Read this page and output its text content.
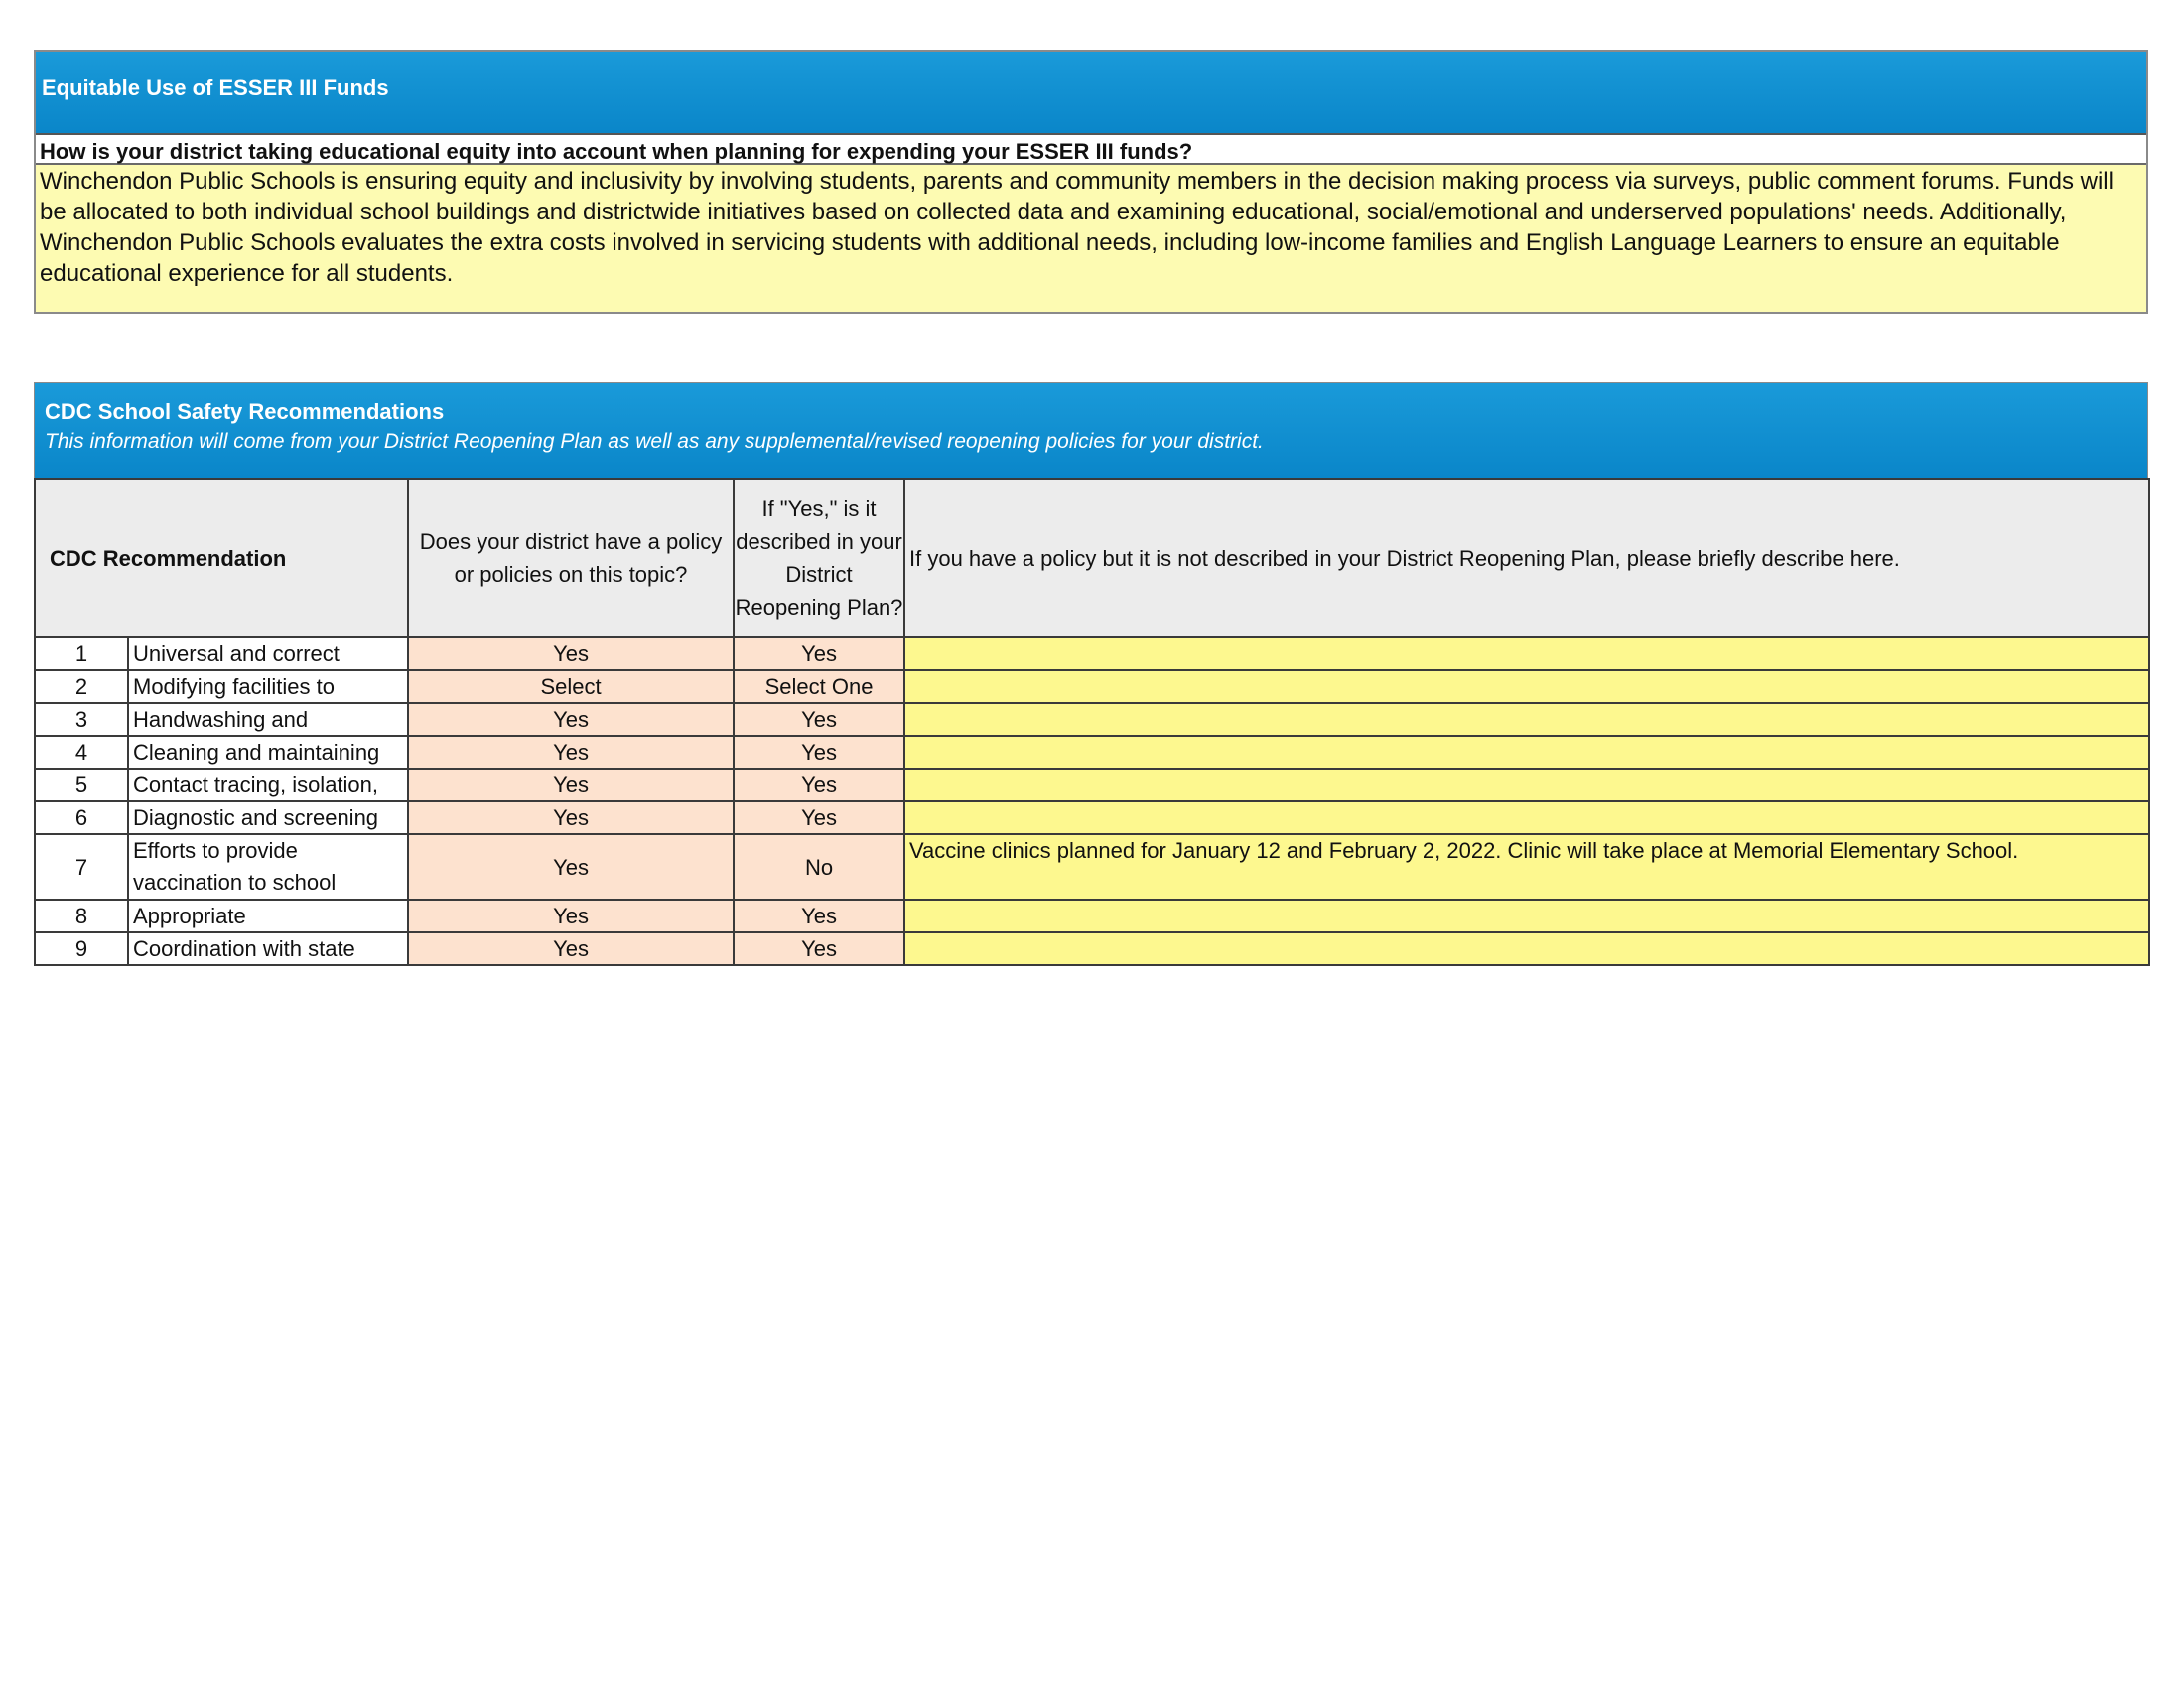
Equitable Use of ESSER III Funds
How is your district taking educational equity into account when planning for expending your ESSER III funds?
Winchendon Public Schools is ensuring equity and inclusivity by involving students, parents and community members in the decision making process via surveys, public comment forums. Funds will be allocated to both individual school buildings and districtwide initiatives based on collected data and examining educational, social/emotional and underserved populations' needs. Additionally, Winchendon Public Schools evaluates the extra costs involved in servicing students with additional needs, including low-income families and English Language Learners to ensure an equitable educational experience for all students.
CDC School Safety Recommendations
This information will come from your District Reopening Plan as well as any supplemental/revised reopening policies for your district.
CDC Recommendation		Does your district have a policy or policies on this topic?	If "Yes," is it described in your District Reopening Plan?	If you have a policy but it is not described in your District Reopening Plan, please briefly describe here.
1	Universal and correct	Yes	Yes	
2	Modifying facilities to	Select	Select One	
3	Handwashing and	Yes	Yes	
4	Cleaning and maintaining	Yes	Yes	
5	Contact tracing, isolation,	Yes	Yes	
6	Diagnostic and screening	Yes	Yes	
7	Efforts to provide vaccination to school	Yes	No	Vaccine clinics planned for January 12 and February 2, 2022. Clinic will take place at Memorial Elementary School.
8	Appropriate	Yes	Yes	
9	Coordination with state	Yes	Yes	
